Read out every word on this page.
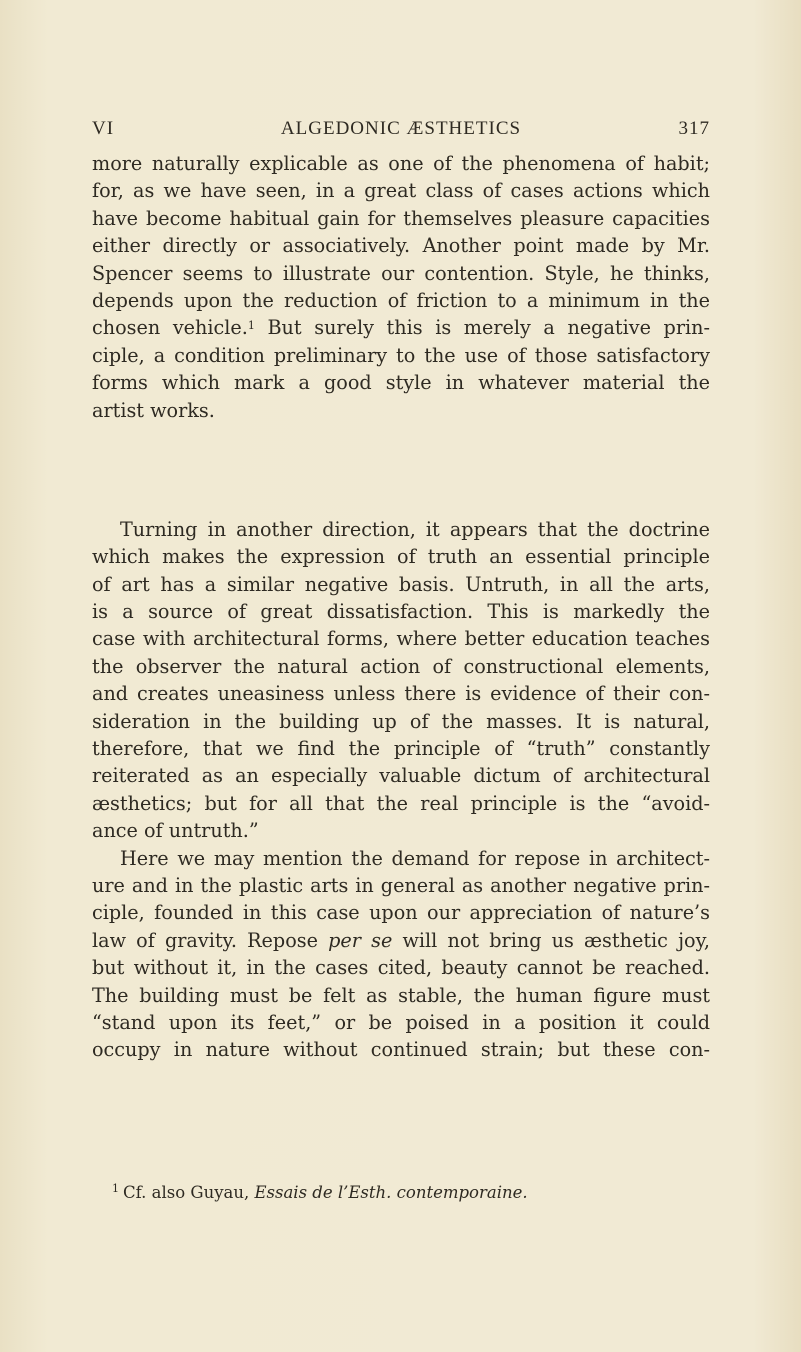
VI	ALGEDONIC ÆSTHETICS	317
more naturally explicable as one of the phenomena of habit;
for, as we have seen, in a great class of cases actions which
have become habitual gain for themselves pleasure capacities
either directly or associatively. Another point made by Mr.
Spencer seems to illustrate our contention. Style, he thinks,
depends upon the reduction of friction to a minimum in the
chosen vehicle.$^1$ But surely this is merely a negative prin-
ciple, a condition preliminary to the use of those satisfactory
forms which mark a good style in whatever material the
artist works.
Turning in another direction, it appears that the doctrine
which makes the expression of truth an essential principle
of art has a similar negative basis. Untruth, in all the arts,
is a source of great dissatisfaction. This is markedly the
case with architectural forms, where better education teaches
the observer the natural action of constructional elements,
and creates uneasiness unless there is evidence of their con-
sideration in the building up of the masses. It is natural,
therefore, that we find the principle of “truth” constantly
reiterated as an especially valuable dictum of architectural
æsthetics; but for all that the real principle is the “avoid-
ance of untruth.”
Here we may mention the demand for repose in architect-
ure and in the plastic arts in general as another negative prin-
ciple, founded in this case upon our appreciation of nature’s
law of gravity. Repose per se will not bring us æsthetic joy,
but without it, in the cases cited, beauty cannot be reached.
The building must be felt as stable, the human figure must
“stand upon its feet,” or be poised in a position it could
occupy in nature without continued strain; but these con-
$^1$ Cf. also Guyau, Essais de l’Esth. contemporaine.
